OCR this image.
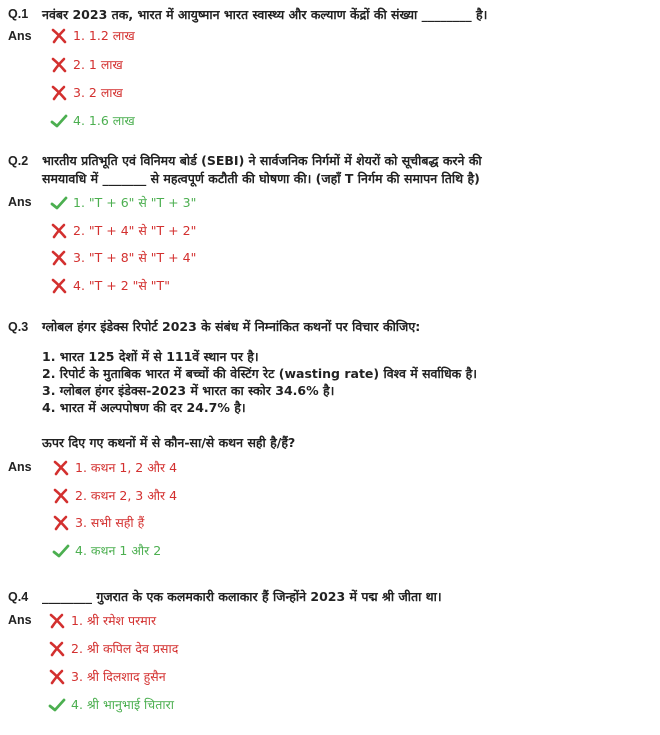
Q.1 नवंबर 2023 तक, भारत में आयुष्मान भारत स्वास्थ्य और कल्याण केंद्रों की संख्या ________ है।
Ans	1. 1.2 लाख
2. 1 लाख
3. 2 लाख
4. 1.6 लाख
Q.2 भारतीय प्रतिभूति एवं विनिमय बोर्ड (SEBI) ने सार्वजनिक निर्गमों में शेयरों को सूचीबद्ध करने की
समयावधि में _______ से महत्वपूर्ण कटौती की घोषणा की। (जहाँ T निर्गम की समापन तिथि है)
Ans	1. "T + 6" से "T + 3"
2. "T + 4" से "T + 2"
3. "T + 8" से "T + 4"
4. "T + 2 "से "T"
Q.3 ग्लोबल हंगर इंडेक्स रिपोर्ट 2023 के संबंध में निम्नांकित कथनों पर विचार कीजिए:
1. भारत 125 देशों में से 111वें स्थान पर है।
2. रिपोर्ट के मुताबिक भारत में बच्चों की वेस्टिंग रेट (wasting rate) विश्व में सर्वाधिक है।
3. ग्लोबल हंगर इंडेक्स-2023 में भारत का स्कोर 34.6% है।
4. भारत में अल्पपोषण की दर 24.7% है।
ऊपर दिए गए कथनों में से कौन-सा/से कथन सही है/हैं?
Ans	1. कथन 1, 2 और 4
2. कथन 2, 3 और 4
3. सभी सही हैं
4. कथन 1 और 2
Q.4 ________ गुजरात के एक कलमकारी कलाकार हैं जिन्होंने 2023 में पद्म श्री जीता था।
Ans	1. श्री रमेश परमार
2. श्री कपिल देव प्रसाद
3. श्री दिलशाद हुसैन
4. श्री भानुभाई चितारा
